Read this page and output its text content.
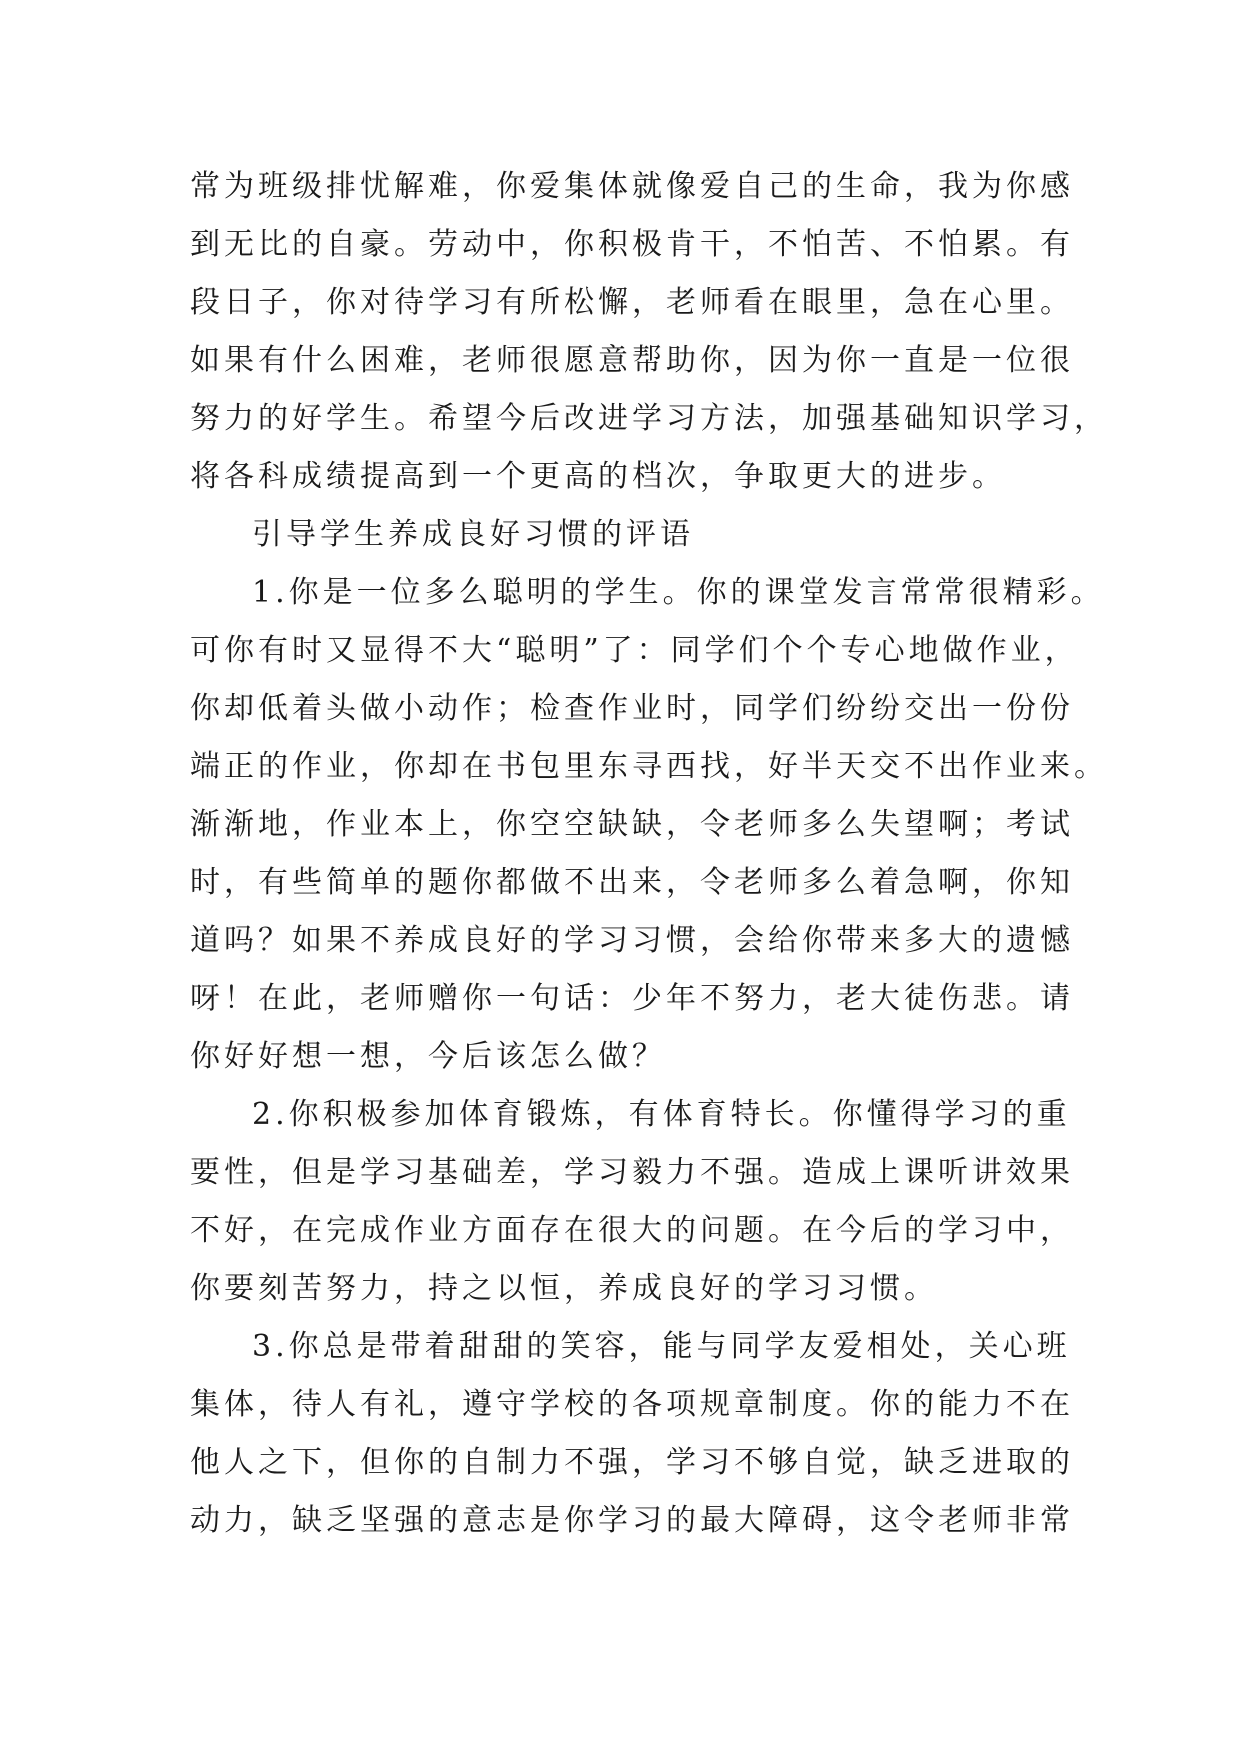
常为班级排忧解难，你爱集体就像爱自己的生命，我为你感
到无比的自豪。劳动中，你积极肯干，不怕苦、不怕累。有
段日子，你对待学习有所松懈，老师看在眼里，急在心里。
如果有什么困难，老师很愿意帮助你，因为你一直是一位很
努力的好学生。希望今后改进学习方法，加强基础知识学习，
将各科成绩提高到一个更高的档次，争取更大的进步。
引导学生养成良好习惯的评语
1.你是一位多么聪明的学生。你的课堂发言常常很精彩。
可你有时又显得不大“聪明”了：同学们个个专心地做作业，
你却低着头做小动作；检查作业时，同学们纷纷交出一份份
端正的作业，你却在书包里东寻西找，好半天交不出作业来。
渐渐地，作业本上，你空空缺缺，令老师多么失望啊；考试
时，有些简单的题你都做不出来，令老师多么着急啊，你知
道吗？如果不养成良好的学习习惯，会给你带来多大的遗憾
呀！在此，老师赠你一句话：少年不努力，老大徒伤悲。请
你好好想一想，今后该怎么做？
2.你积极参加体育锻炼，有体育特长。你懂得学习的重
要性，但是学习基础差，学习毅力不强。造成上课听讲效果
不好，在完成作业方面存在很大的问题。在今后的学习中，
你要刻苦努力，持之以恒，养成良好的学习习惯。
3.你总是带着甜甜的笑容，能与同学友爱相处，关心班
集体，待人有礼，遵守学校的各项规章制度。你的能力不在
他人之下，但你的自制力不强，学习不够自觉，缺乏进取的
动力，缺乏坚强的意志是你学习的最大障碍，这令老师非常
